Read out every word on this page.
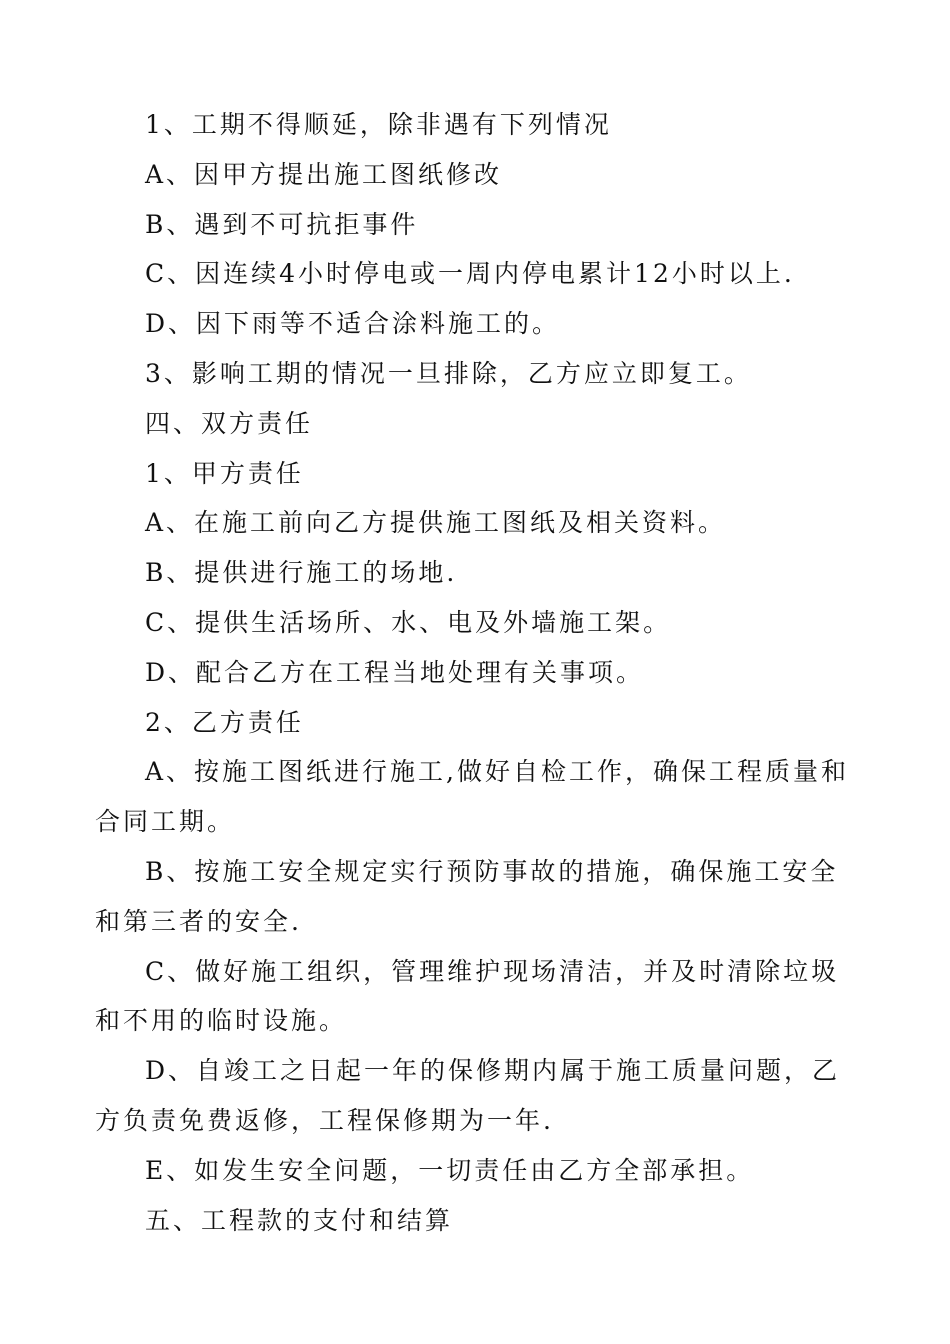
1、工期不得顺延，除非遇有下列情况

A、因甲方提出施工图纸修改

B、遇到不可抗拒事件

C、因连续4小时停电或一周内停电累计12小时以上.

D、因下雨等不适合涂料施工的。

3、影响工期的情况一旦排除，乙方应立即复工。

四、双方责任

1、甲方责任

A、在施工前向乙方提供施工图纸及相关资料。

B、提供进行施工的场地.

C、提供生活场所、水、电及外墙施工架。

D、配合乙方在工程当地处理有关事项。

2、乙方责任

A、按施工图纸进行施工,做好自检工作，确保工程质量和合同工期。

B、按施工安全规定实行预防事故的措施，确保施工安全和第三者的安全.

C、做好施工组织，管理维护现场清洁，并及时清除垃圾和不用的临时设施。

D、自竣工之日起一年的保修期内属于施工质量问题，乙方负责免费返修，工程保修期为一年.

E、如发生安全问题，一切责任由乙方全部承担。

五、工程款的支付和结算
